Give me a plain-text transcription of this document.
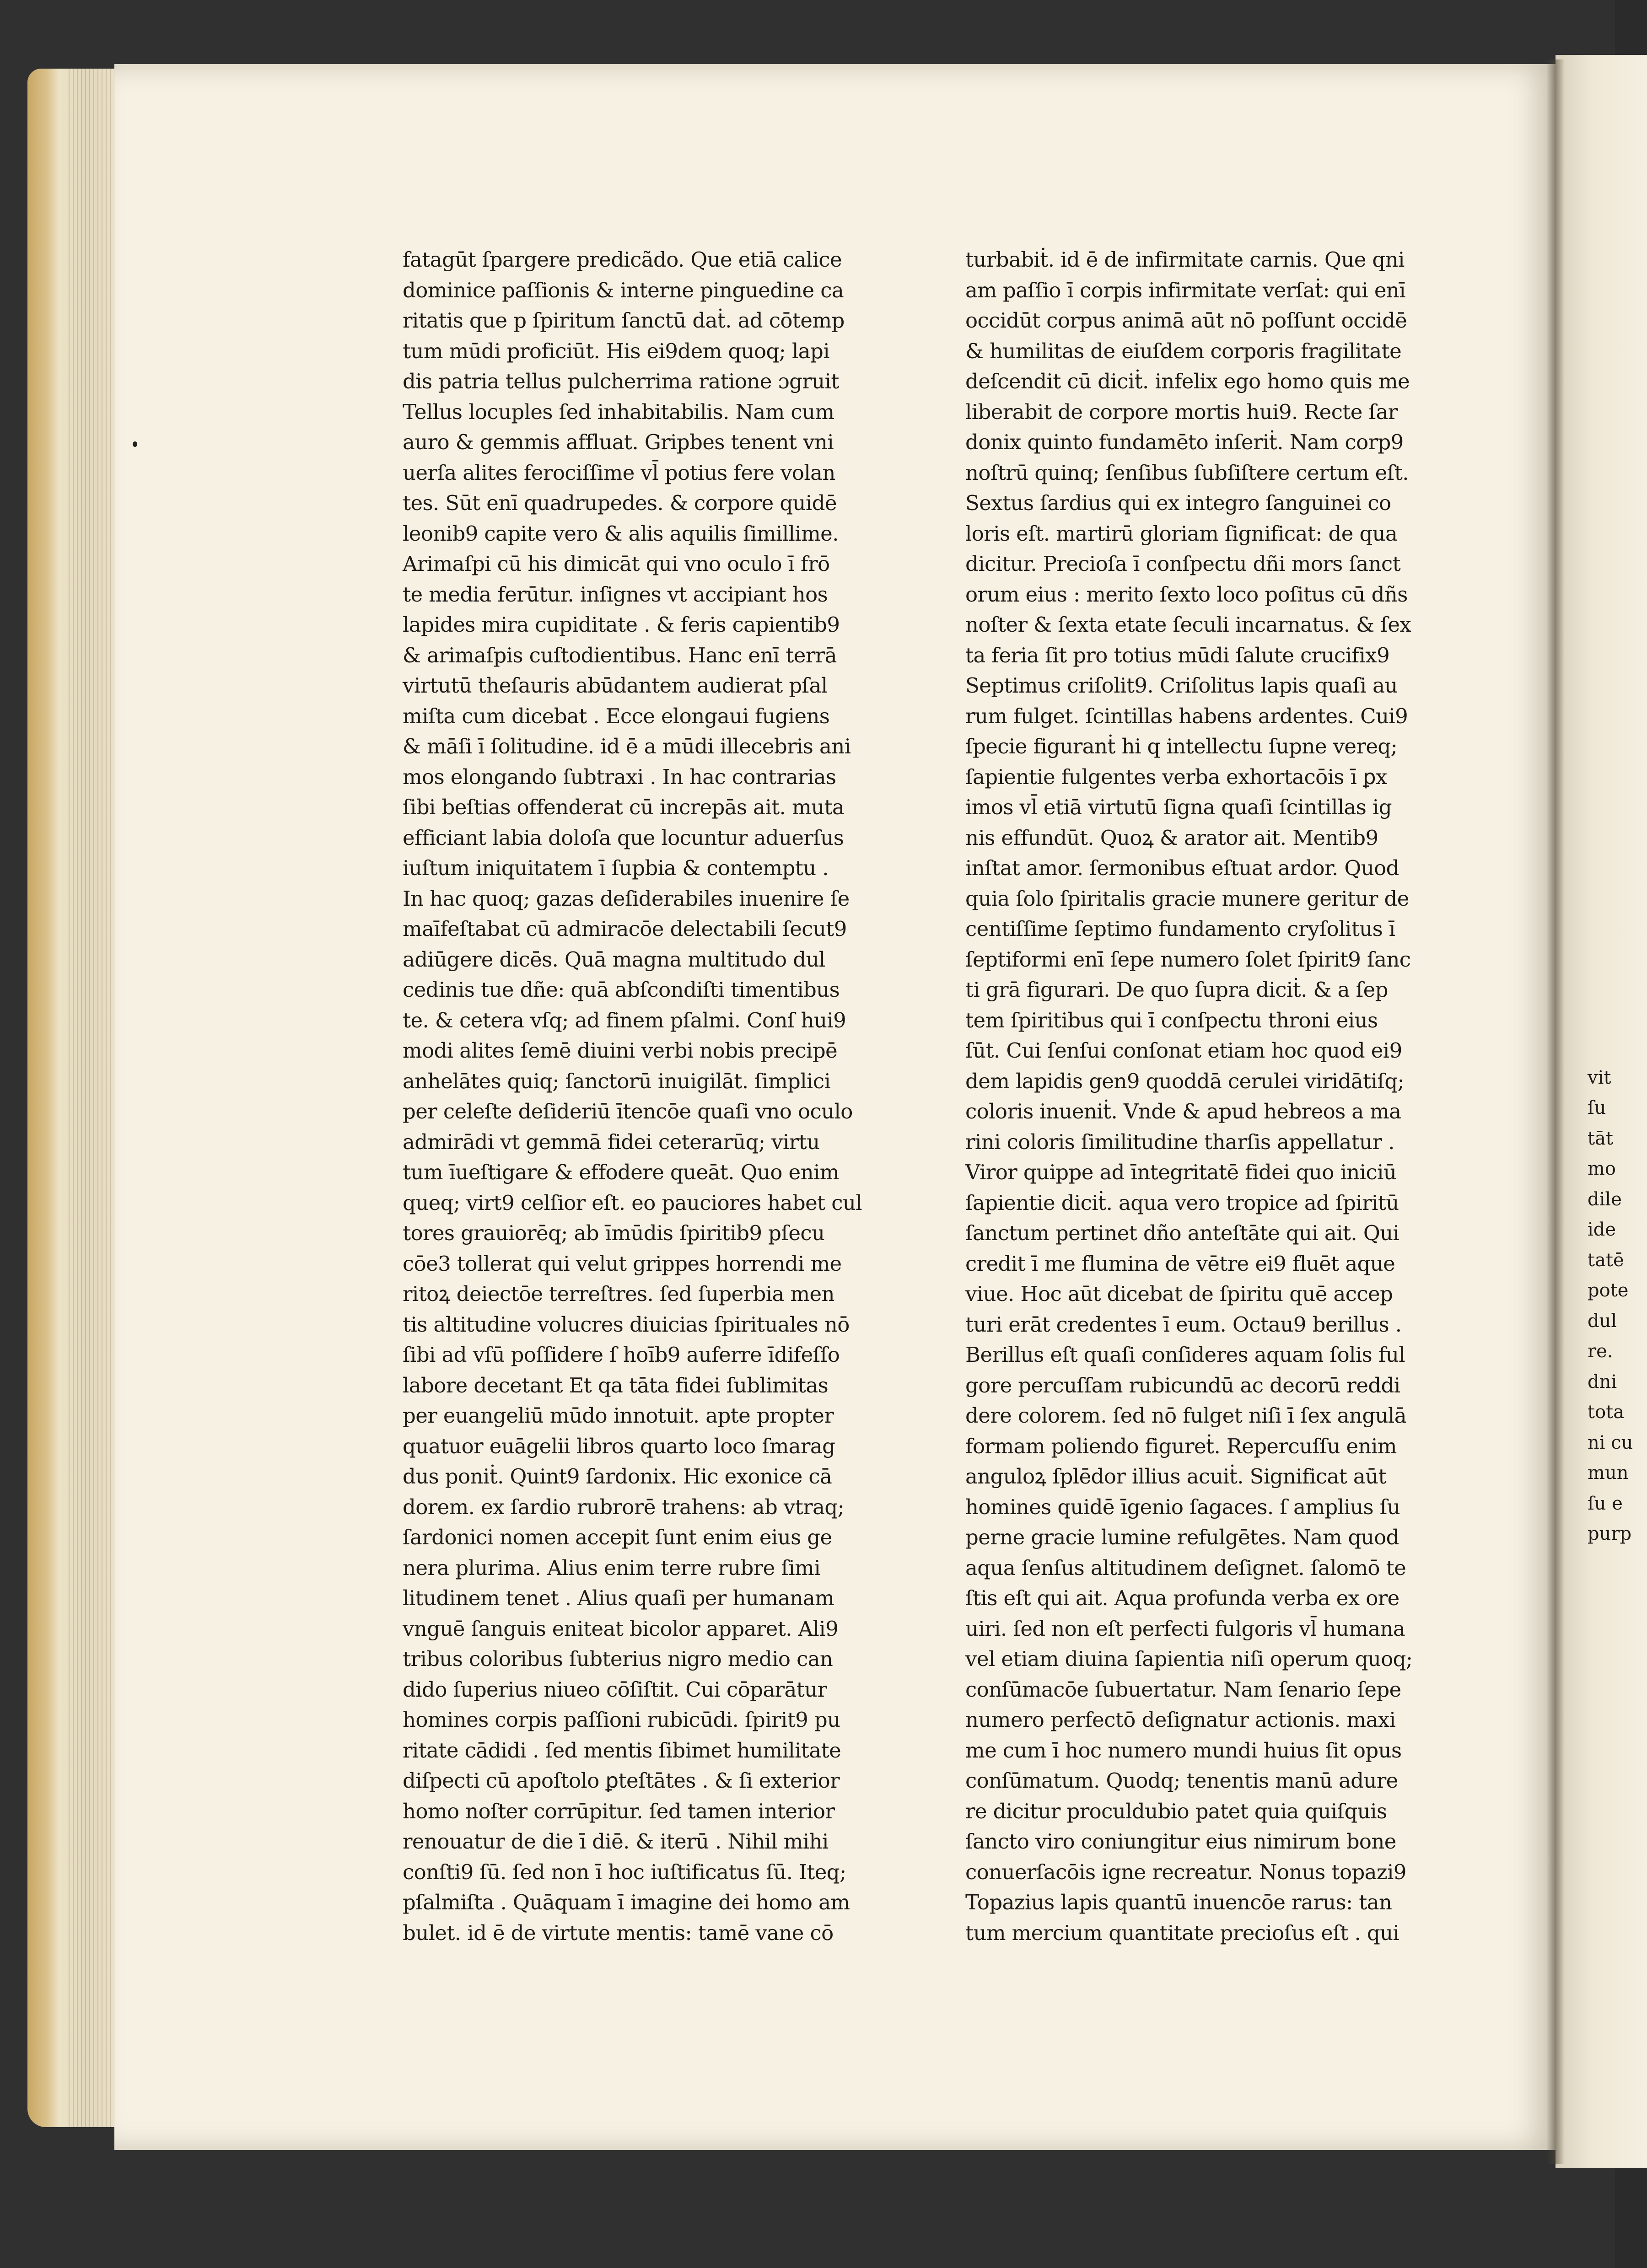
fatagūt ſpargere predicãdo. Que etiā calice
dominice paſſionis & interne pinguedine ca
ritatis que p ſpiritum ſanctū daṫ. ad cōtemp
tum mūdi proficiūt. His ei9dem quoq; lapi
dis patria tellus pulcherrima ratione ɔgruit
Tellus locuples ſed inhabitabilis. Nam cum
auro & gemmis affluat. Gripbes tenent vni
uerſa alites ferociſſime vl̄ potius fere volan
tes. Sūt enī quadrupedes. & corpore quidē
leonib9 capite vero & alis aquilis ſimillime.
Arimaſpi cū his dimicāt qui vno oculo ī frō
te media ferūtur. inſignes vt accipiant hos
lapides mira cupiditate . & feris capientib9
& arimaſpis cuſtodientibus. Hanc enī terrā
virtutū theſauris abūdantem audierat pſal
miſta cum dicebat . Ecce elongaui fugiens
& māſi ī ſolitudine. id ē a mūdi illecebris ani
mos elongando ſubtraxi . In hac contrarias
ſibi beſtias offenderat cū increpās ait. muta
efficiant labia doloſa que locuntur aduerſus
iuſtum iniquitatem ī ſupbia & contemptu .
In hac quoq; gazas deſiderabiles inuenire ſe
maīfeſtabat cū admiracōe delectabili ſecut9
adiūgere dicēs. Quā magna multitudo dul
cedinis tue dñe: quā abſcondiſti timentibus
te. & cetera vſq; ad finem pſalmi. Conſ hui9
modi alites ſemē diuini verbi nobis precipē
anhelātes quiq; ſanctorū inuigilāt. ſimplici
per celeſte deſideriū ītencōe quaſi vno oculo
admirādi vt gemmā fidei ceterarūq; virtu
tum īueſtigare & effodere queāt. Quo enim
queq; virt9 celſior eſt. eo pauciores habet cul
tores grauiorēq; ab īmūdis ſpiritib9 pſecu
cōe3 tollerat qui velut grippes horrendi me
ritoꝝ deiectōe terreſtres. ſed ſuperbia men
tis altitudine volucres diuicias ſpirituales nō
ſibi ad vſū poſſidere ſ hoīb9 auferre īdifeſſo
labore decetant Et qa tāta fidei ſublimitas
per euangeliū mūdo innotuit. apte propter
quatuor euāgelii libros quarto loco ſmarag
dus poniṫ. Quint9 ſardonix. Hic exonice cā
dorem. ex ſardio rubrorē trahens: ab vtraq;
ſardonici nomen accepit ſunt enim eius ge
nera plurima. Alius enim terre rubre ſimi
litudinem tenet . Alius quaſi per humanam
vnguē ſanguis eniteat bicolor apparet. Ali9
tribus coloribus ſubterius nigro medio can
dido ſuperius niueo cōſiſtit. Cui cōparātur
homines corpis paſſioni rubicūdi. ſpirit9 pu
ritate cādidi . ſed mentis ſibimet humilitate
diſpecti cū apoſtolo ꝑteſtātes . & ſi exterior
homo noſter corrūpitur. ſed tamen interior
renouatur de die ī diē. & iterū . Nihil mihi
conſti9 ſū. ſed non ī hoc iuſtificatus ſū. Iteq;
pſalmiſta . Quāquam ī imagine dei homo am
bulet. id ē de virtute mentis: tamē vane cō
turbabiṫ. id ē de infirmitate carnis. Que qni
am paſſio ī corpis infirmitate verſaṫ: qui enī
occidūt corpus animā aūt nō poſſunt occidē
& humilitas de eiuſdem corporis fragilitate
deſcendit cū diciṫ. infelix ego homo quis me
liberabit de corpore mortis hui9. Recte ſar
donix quinto fundamēto inſeriṫ. Nam corp9
noſtrū quinq; ſenſibus ſubſiſtere certum eſt.
Sextus ſardius qui ex integro ſanguinei co
loris eſt. martirū gloriam ſignificat: de qua
dicitur. Precioſa ī conſpectu dñi mors ſanct
orum eius : merito ſexto loco poſitus cū dñs
noſter & ſexta etate ſeculi incarnatus. & ſex
ta feria ſit pro totius mūdi ſalute crucifix9
Septimus criſolit9. Criſolitus lapis quaſi au
rum fulget. ſcintillas habens ardentes. Cui9
ſpecie figuranṫ hi q intellectu ſupne vereq;
ſapientie fulgentes verba exhortacōis ī ꝑx
imos vl̄ etiā virtutū ſigna quaſi ſcintillas ig
nis effundūt. Quoꝝ & arator ait. Mentib9
inſtat amor. ſermonibus eſtuat ardor. Quod
quia ſolo ſpiritalis gracie munere geritur de
centiſſime ſeptimo fundamento cryſolitus ī
ſeptiformi enī ſepe numero ſolet ſpirit9 ſanc
ti grā figurari. De quo ſupra diciṫ. & a ſep
tem ſpiritibus qui ī conſpectu throni eius
ſūt. Cui ſenſui conſonat etiam hoc quod ei9
dem lapidis gen9 quoddā cerulei viridātiſq;
coloris inueniṫ. Vnde & apud hebreos a ma
rini coloris ſimilitudine tharſis appellatur .
Viror quippe ad īntegritatē fidei quo iniciū
ſapientie diciṫ. aqua vero tropice ad ſpiritū
ſanctum pertinet dño anteſtāte qui ait. Qui
credit ī me flumina de vētre ei9 fluēt aque
viue. Hoc aūt dicebat de ſpiritu quē accep
turi erāt credentes ī eum. Octau9 berillus .
Berillus eſt quaſi conſideres aquam ſolis ful
gore percuſſam rubicundū ac decorū reddi
dere colorem. ſed nō fulget niſi ī ſex angulā
formam poliendo figureṫ. Repercuſſu enim
anguloꝝ ſplēdor illius acuiṫ. Significat aūt
homines quidē īgenio ſagaces. ſ amplius ſu
perne gracie lumine refulgētes. Nam quod
aqua ſenſus altitudinem deſignet. ſalomō te
ſtis eſt qui ait. Aqua profunda verba ex ore
uiri. ſed non eſt perfecti fulgoris vl̄ humana
vel etiam diuina ſapientia niſi operum quoq;
conſūmacōe ſubuertatur. Nam ſenario ſepe
numero perfectō deſignatur actionis. maxi
me cum ī hoc numero mundi huius ſit opus
conſūmatum. Quodq; tenentis manū adure
re dicitur proculdubio patet quia quiſquis
ſancto viro coniungitur eius nimirum bone
conuerſacōis igne recreatur. Nonus topazi9
Topazius lapis quantū inuencōe rarus: tan
tum mercium quantitate precioſus eſt . qui
vit
ſu
tāt
mo
dile
ide
tatē
pote
dul
re.
dni
tota
ni cu
mun
ſu e
purp
